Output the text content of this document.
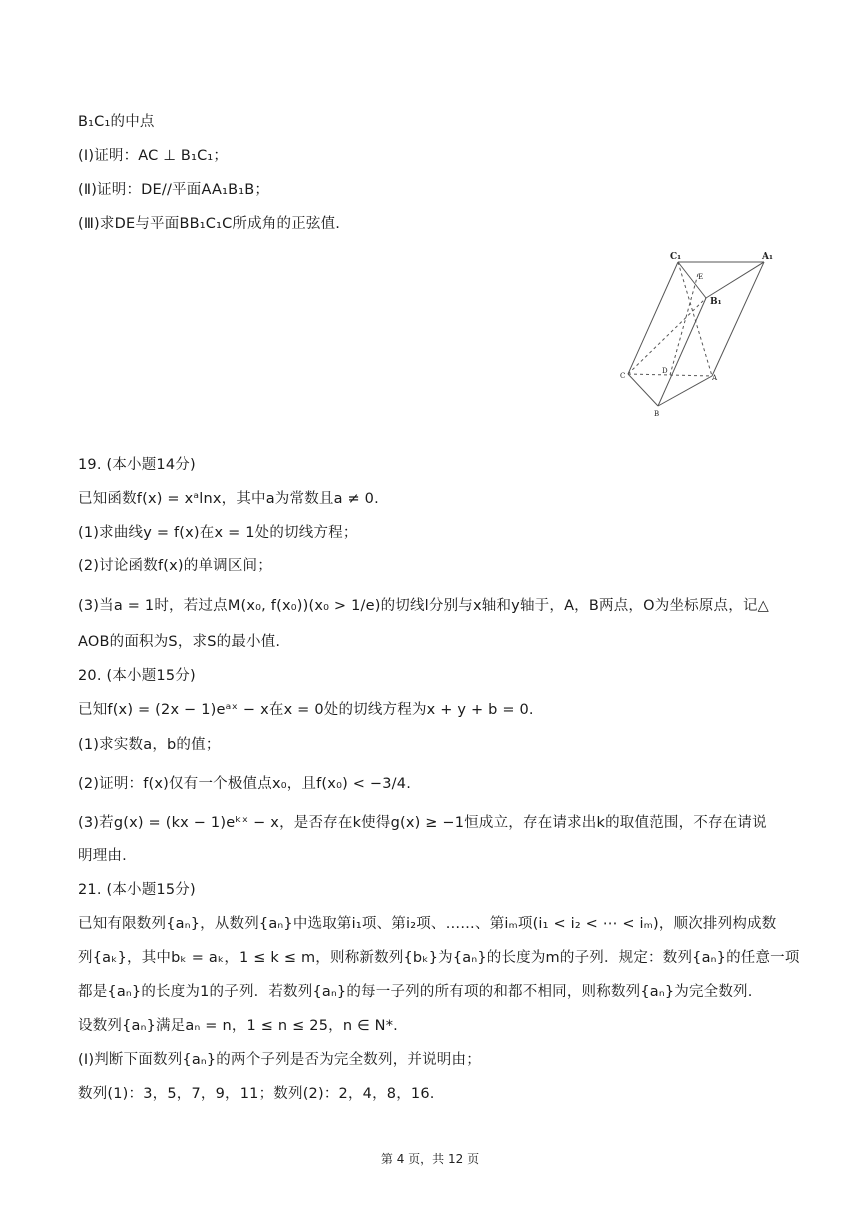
B₁C₁的中点
(Ⅰ)证明：AC ⊥ B₁C₁；
(Ⅱ)证明：DE//平面AA₁B₁B；
(Ⅲ)求DE与平面BB₁C₁C所成角的正弦值.
19. (本小题14分)
已知函数f(x) = xᵃlnx，其中a为常数且a ≠ 0.
(1)求曲线y = f(x)在x = 1处的切线方程；
(2)讨论函数f(x)的单调区间；
(3)当a = 1时，若过点M(x₀, f(x₀))(x₀ > 1/e)的切线l分别与x轴和y轴于，A，B两点，O为坐标原点，记△
AOB的面积为S，求S的最小值.
20. (本小题15分)
已知f(x) = (2x − 1)eᵃˣ − x在x = 0处的切线方程为x + y + b = 0.
(1)求实数a，b的值；
(2)证明：f(x)仅有一个极值点x₀，且f(x₀) < −3/4.
(3)若g(x) = (kx − 1)eᵏˣ − x，是否存在k使得g(x) ≥ −1恒成立，存在请求出k的取值范围，不存在请说
明理由.
21. (本小题15分)
已知有限数列{aₙ}，从数列{aₙ}中选取第i₁项、第i₂项、……、第iₘ项(i₁ < i₂ < ⋯ < iₘ)，顺次排列构成数
列{aₖ}，其中bₖ = aₖ，1 ≤ k ≤ m，则称新数列{bₖ}为{aₙ}的长度为m的子列．规定：数列{aₙ}的任意一项
都是{aₙ}的长度为1的子列．若数列{aₙ}的每一子列的所有项的和都不相同，则称数列{aₙ}为完全数列.
设数列{aₙ}满足aₙ = n，1 ≤ n ≤ 25，n ∈ N*.
(Ⅰ)判断下面数列{aₙ}的两个子列是否为完全数列，并说明由；
数列(1)：3，5，7，9，11；数列(2)：2，4，8，16.
C₁	A₁
B₁
E
C
D
A
B
第 4 页，共 12 页
